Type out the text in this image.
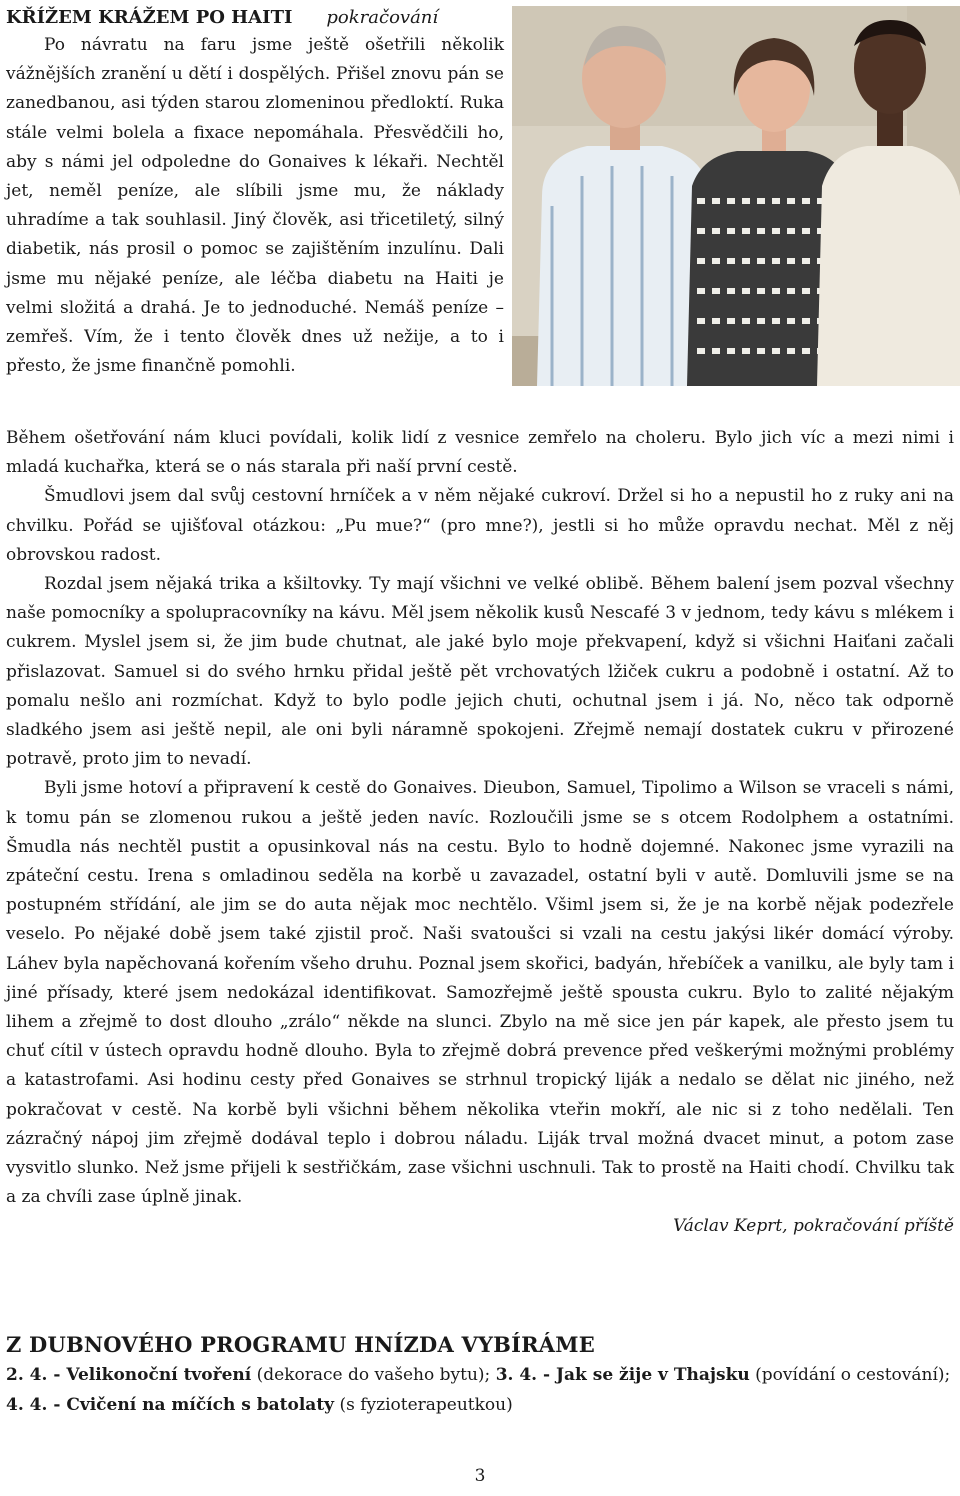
KŘÍŽEM KRÁŽEM PO HAITI pokračování

Po návratu na faru jsme ještě ošetřili několik vážnějších zranění u dětí i dospělých. Přišel znovu pán se zanedbanou, asi týden starou zlomeninou předloktí. Ruka stále velmi bolela a fixace nepomáhala. Přesvědčili ho, aby s námi jel odpoledne do Gonaives k lékaři. Nechtěl jet, neměl peníze, ale slíbili jsme mu, že náklady uhradíme a tak souhlasil. Jiný člověk, asi třicetiletý, silný diabetik, nás prosil o pomoc se zajištěním inzulínu. Dali jsme mu nějaké peníze, ale léčba diabetu na Haiti je velmi složitá a drahá. Je to jednoduché. Nemáš peníze – zemřeš. Vím, že i tento člověk dnes už nežije, a to i přesto, že jsme finančně pomohli.

Během ošetřování nám kluci povídali, kolik lidí z vesnice zemřelo na choleru. Bylo jich víc a mezi nimi i mladá kuchařka, která se o nás starala při naší první cestě.

Šmudlovi jsem dal svůj cestovní hrníček a v něm nějaké cukroví. Držel si ho a nepustil ho z ruky ani na chvilku. Pořád se ujišťoval otázkou: „Pu mue?“ (pro mne?), jestli si ho může opravdu nechat. Měl z něj obrovskou radost.

Rozdal jsem nějaká trika a kšiltovky. Ty mají všichni ve velké oblibě. Během balení jsem pozval všechny naše pomocníky a spolupracovníky na kávu. Měl jsem několik kusů Nescafé 3 v jednom, tedy kávu s mlékem i cukrem. Myslel jsem si, že jim bude chutnat, ale jaké bylo moje překvapení, když si všichni Haiťani začali přislazovat. Samuel si do svého hrnku přidal ještě pět vrchovatých lžiček cukru a podobně i ostatní. Až to pomalu nešlo ani rozmíchat. Když to bylo podle jejich chuti, ochutnal jsem i já. No, něco tak odporně sladkého jsem asi ještě nepil, ale oni byli náramně spokojeni. Zřejmě nemají dostatek cukru v přirozené potravě, proto jim to nevadí.

Byli jsme hotoví a připravení k cestě do Gonaives. Dieubon, Samuel, Tipolimo a Wilson se vraceli s námi, k tomu pán se zlomenou rukou a ještě jeden navíc. Rozloučili jsme se s otcem Rodolphem a ostatními. Šmudla nás nechtěl pustit a opusinkoval nás na cestu. Bylo to hodně dojemné. Nakonec jsme vyrazili na zpáteční cestu. Irena s omladinou seděla na korbě u zavazadel, ostatní byli v autě. Domluvili jsme se na postupném střídání, ale jim se do auta nějak moc nechtělo. Všiml jsem si, že je na korbě nějak podezřele veselo. Po nějaké době jsem také zjistil proč. Naši svatoušci si vzali na cestu jakýsi likér domácí výroby. Láhev byla napěchovaná kořením všeho druhu. Poznal jsem skořici, badyán, hřebíček a vanilku, ale byly tam i jiné přísady, které jsem nedokázal identifikovat. Samozřejmě ještě spousta cukru. Bylo to zalité nějakým lihem a zřejmě to dost dlouho „zrálo“ někde na slunci. Zbylo na mě sice jen pár kapek, ale přesto jsem tu chuť cítil v ústech opravdu hodně dlouho. Byla to zřejmě dobrá prevence před veškerými možnými problémy a katastrofami. Asi hodinu cesty před Gonaives se strhnul tropický liják a nedalo se dělat nic jiného, než pokračovat v cestě. Na korbě byli všichni během několika vteřin mokří, ale nic si z toho nedělali. Ten zázračný nápoj jim zřejmě dodával teplo i dobrou náladu. Liják trval možná dvacet minut, a potom zase vysvitlo slunko. Než jsme přijeli k sestřičkám, zase všichni uschnuli. Tak to prostě na Haiti chodí. Chvilku tak a za chvíli zase úplně jinak.

Václav Keprt, pokračování příště
Z DUBNOVÉHO PROGRAMU HNÍZDA VYBÍRÁME

2. 4. - Velikonoční tvoření (dekorace do vašeho bytu); 3. 4. - Jak se žije v Thajsku (povídání o cestování); 4. 4. - Cvičení na míčích s batolaty (s fyzioterapeutkou)

3
